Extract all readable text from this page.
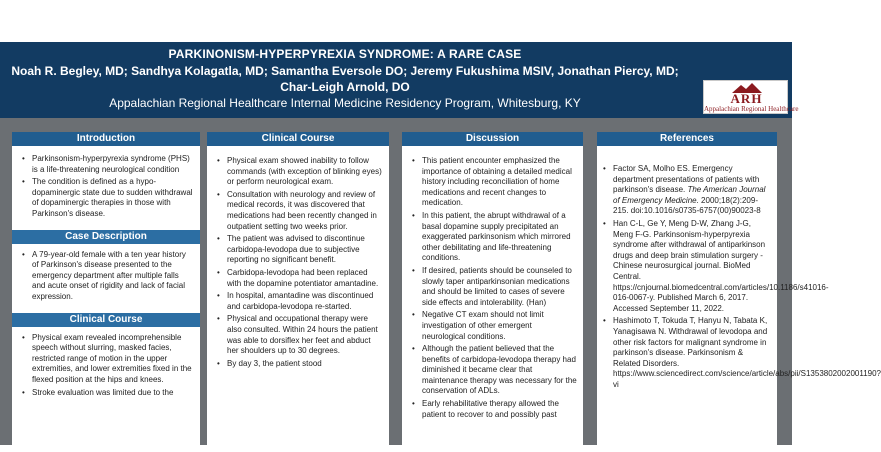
PARKINONISM-HYPERPYREXIA SYNDROME: A RARE CASE
Noah R. Begley, MD; Sandhya Kolagatla, MD; Samantha Eversole DO; Jeremy Fukushima MSIV, Jonathan Piercy, MD;
Char-Leigh Arnold, DO
Appalachian Regional Healthcare Internal Medicine Residency Program, Whitesburg, KY	ARH
Appalachian Regional Healthcare
Introduction
• Parkinsonism-hyperpyrexia syndrome (PHS) is a life-threatening neurological condition
• The condition is defined as a hypo-dopaminergic state due to sudden withdrawal of dopaminergic therapies in those with Parkinson's disease.
Case Description
• A 79-year-old female with a ten year history of Parkinson's disease presented to the emergency department after multiple falls and acute onset of rigidity and lack of facial expression.
Clinical Course
• Physical exam revealed incomprehensible speech without slurring, masked facies, restricted range of motion in the upper extremities, and lower extremities fixed in the flexed position at the hips and knees.
• Stroke evaluation was limited due to the
Clinical Course
• Physical exam showed inability to follow commands (with exception of blinking eyes) or perform neurological exam.
• Consultation with neurology and review of medical records, it was discovered that medications had been recently changed in outpatient setting two weeks prior.
• The patient was advised to discontinue carbidopa-levodopa due to subjective reporting no significant benefit.
• Carbidopa-levodopa had been replaced with the dopamine potentiator amantadine.
• In hospital, amantadine was discontinued and carbidopa-levodopa re-started.
• Physical and occupational therapy were also consulted. Within 24 hours the patient was able to dorsiflex her feet and abduct her shoulders up to 30 degrees.
• By day 3, the patient stood
Discussion
• This patient encounter emphasized the importance of obtaining a detailed medical history including reconciliation of home medications and recent changes to medication.
• In this patient, the abrupt withdrawal of a basal dopamine supply precipitated an exaggerated parkinsonism which mirrored other debilitating and life-threatening conditions.
• If desired, patients should be counseled to slowly taper antiparkinsonian medications and should be limited to cases of severe side effects and intolerability. (Han)
• Negative CT exam should not limit investigation of other emergent neurological conditions.
• Although the patient believed that the benefits of carbidopa-levodopa therapy had diminished it became clear that maintenance therapy was necessary for the conservation of ADLs.
• Early rehabilitative therapy allowed the patient to recover to and possibly past
References
• Factor SA, Molho ES. Emergency department presentations of patients with parkinson's disease. The American Journal of Emergency Medicine. 2000;18(2):209-215. doi:10.1016/s0735-6757(00)90023-8
• Han C-L, Ge Y, Meng D-W, Zhang J-G, Meng F-G. Parkinsonism-hyperpyrexia syndrome after withdrawal of antiparkinson drugs and deep brain stimulation surgery - Chinese neurosurgical journal. BioMed Central. https://cnjournal.biomedcentral.com/articles/10.1186/s41016-016-0067-y. Published March 6, 2017. Accessed September 11, 2022.
• Hashimoto T, Tokuda T, Hanyu N, Tabata K, Yanagisawa N. Withdrawal of levodopa and other risk factors for malignant syndrome in parkinson's disease. Parkinsonism & Related Disorders. https://www.sciencedirect.com/science/article/abs/pii/S1353802002001190?vi
